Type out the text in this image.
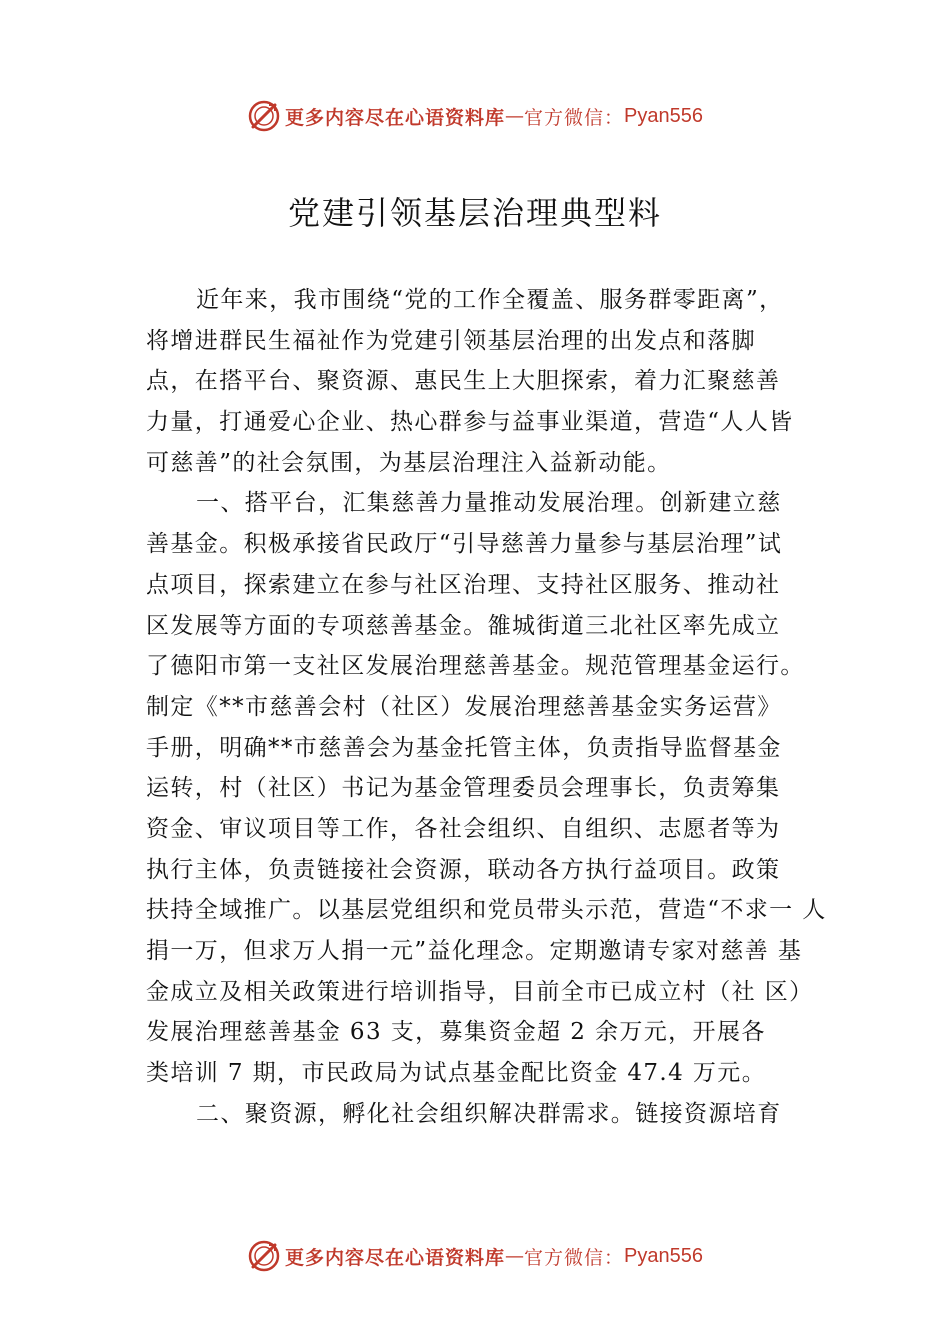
更多内容尽在心语资料库 — 官方微信： Pyan556
党建引领基层治理典型料
近年来，我市围绕“党的工作全覆盖、服务群零距离”，
将增进群民生福祉作为党建引领基层治理的出发点和落脚
点，在搭平台、聚资源、惠民生上大胆探索，着力汇聚慈善
力量，打通爱心企业、热心群参与益事业渠道，营造“人人皆
可慈善”的社会氛围，为基层治理注入益新动能。
一、搭平台，汇集慈善力量推动发展治理。创新建立慈
善基金。积极承接省民政厅“引导慈善力量参与基层治理”试
点项目，探索建立在参与社区治理、支持社区服务、推动社
区发展等方面的专项慈善基金。雒城街道三北社区率先成立
了德阳市第一支社区发展治理慈善基金。规范管理基金运行。
制定《**市慈善会村（社区）发展治理慈善基金实务运营》
手册，明确**市慈善会为基金托管主体，负责指导监督基金
运转，村（社区）书记为基金管理委员会理事长，负责筹集
资金、审议项目等工作，各社会组织、自组织、志愿者等为
执行主体，负责链接社会资源，联动各方执行益项目。政策
扶持全域推广。以基层党组织和党员带头示范，营造“不求一 人
捐一万，但求万人捐一元”益化理念。定期邀请专家对慈善 基
金成立及相关政策进行培训指导，目前全市已成立村（社 区）
发展治理慈善基金 63 支，募集资金超 2 余万元，开展各
类培训 7 期，市民政局为试点基金配比资金 47.4 万元。
二、聚资源，孵化社会组织解决群需求。链接资源培育
更多内容尽在心语资料库 — 官方微信： Pyan556
